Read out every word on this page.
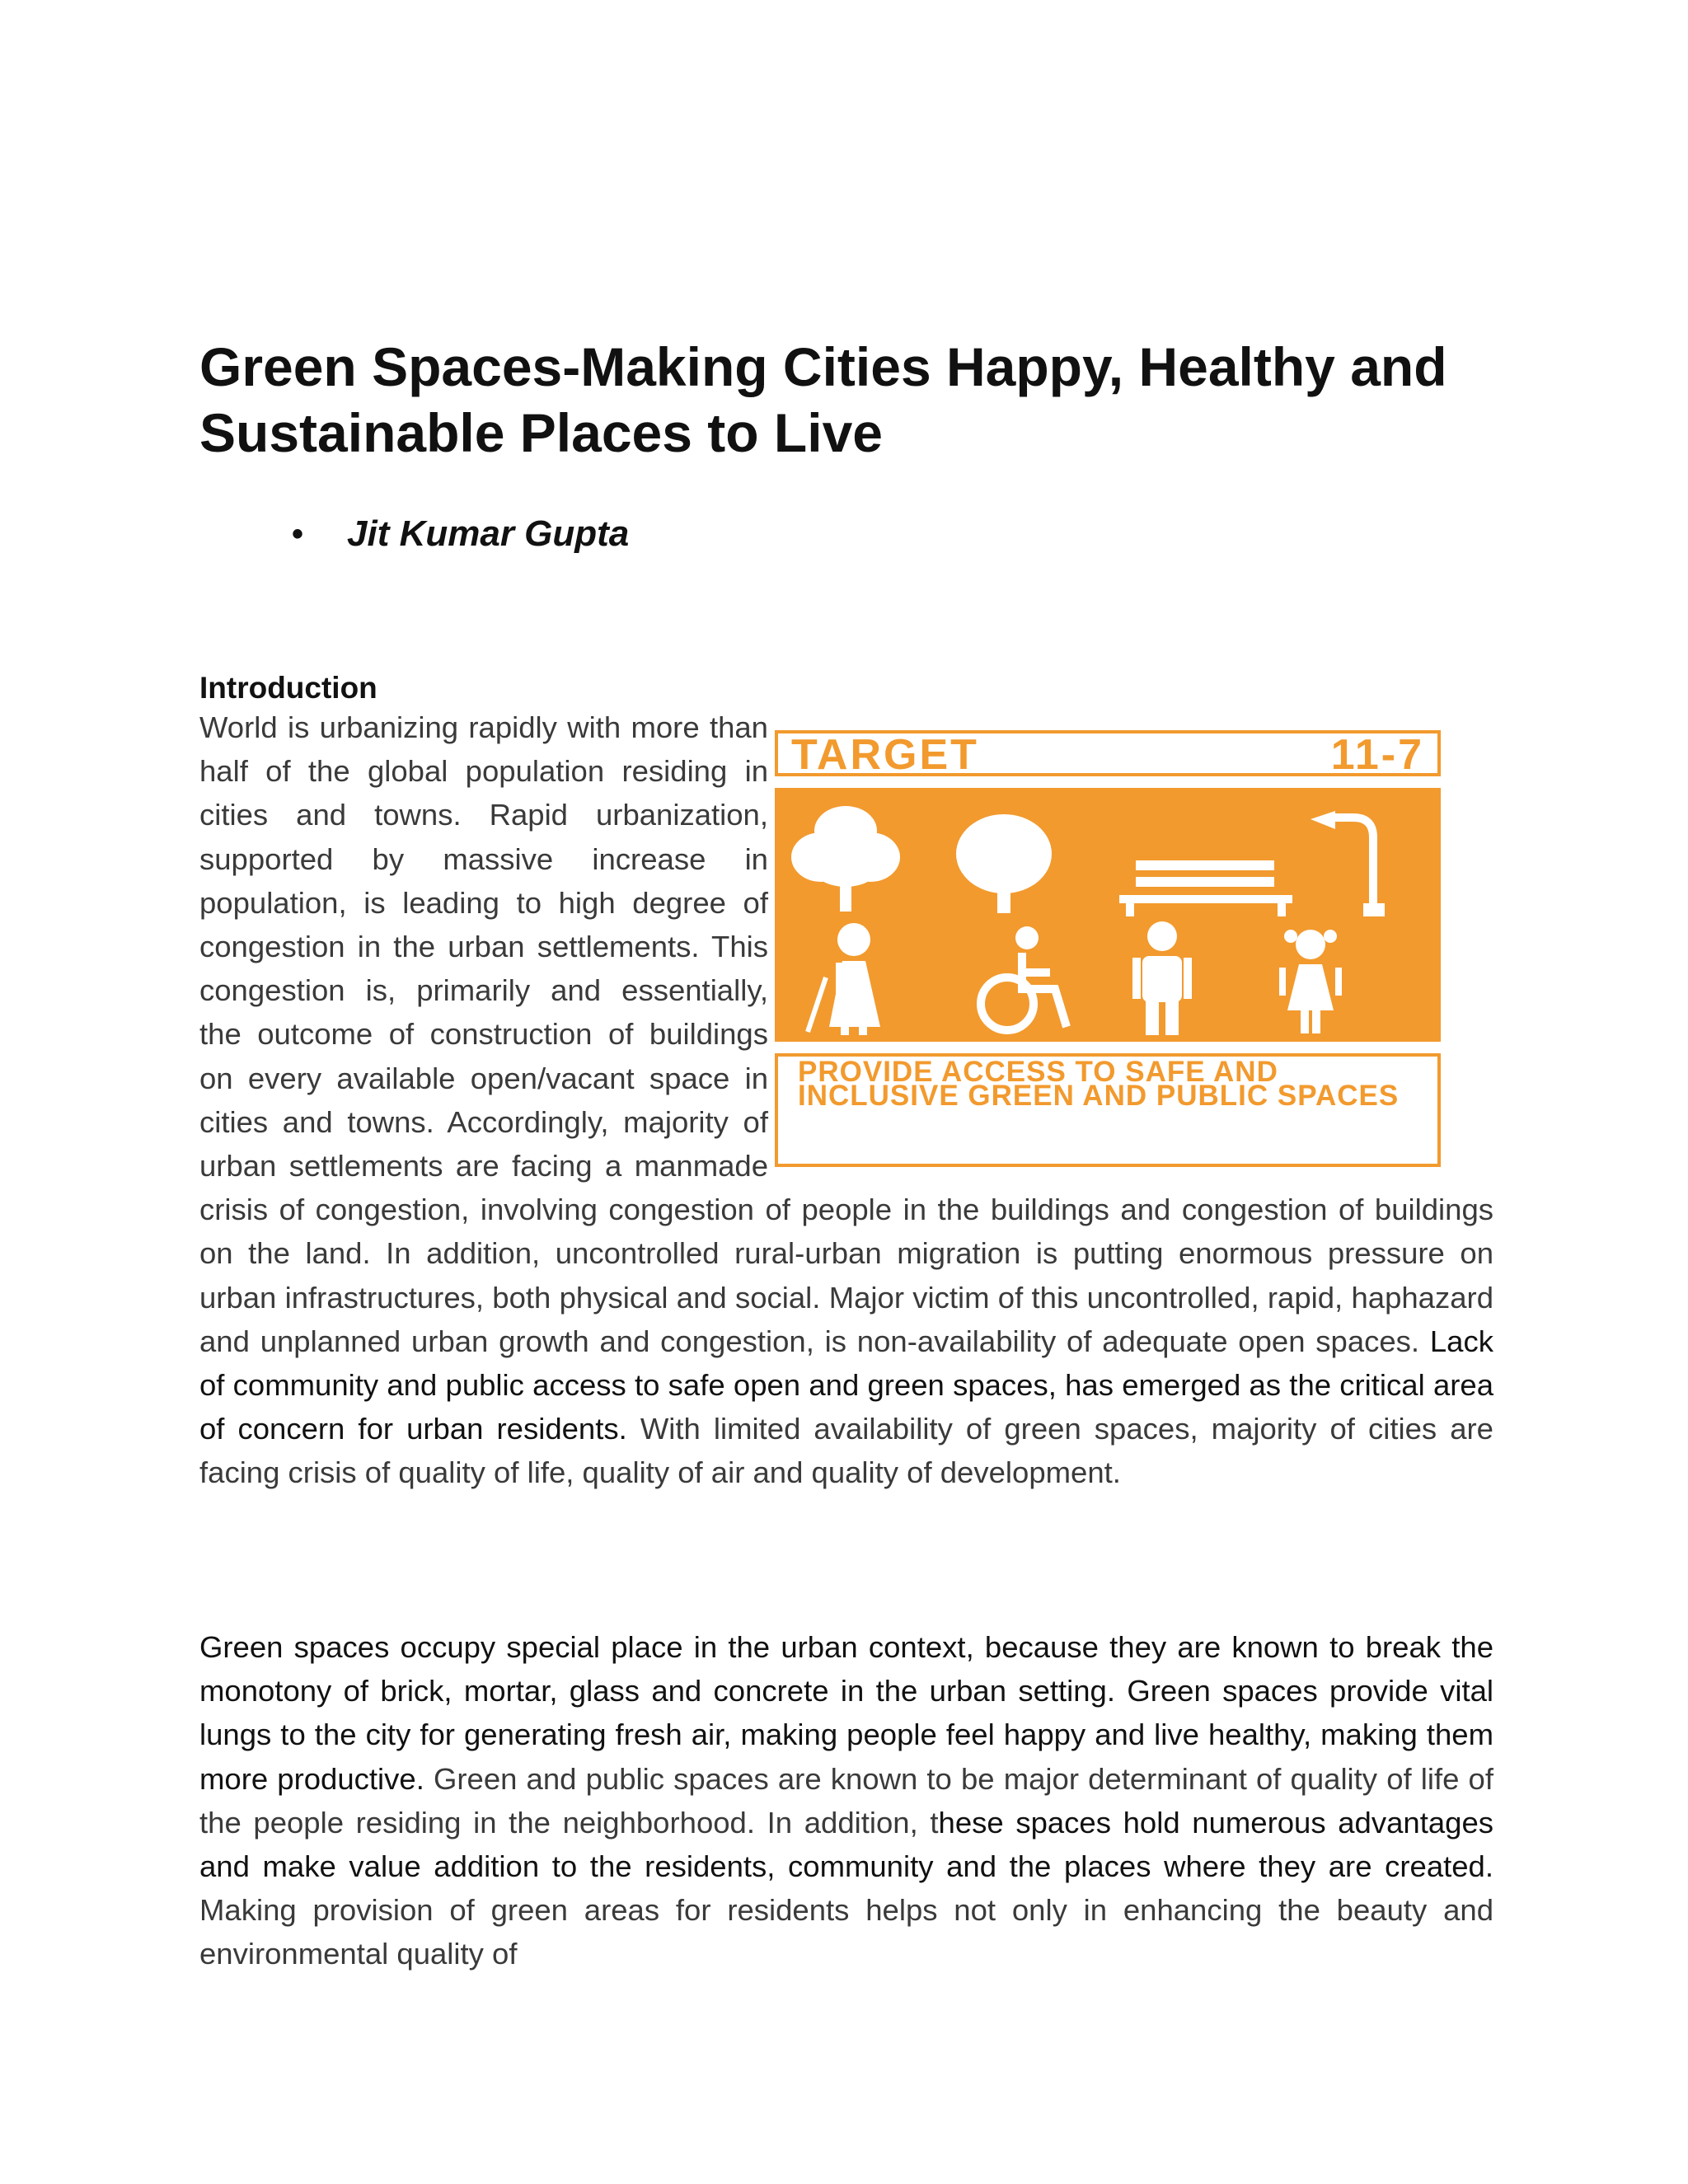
Green Spaces-Making Cities Happy, Healthy and Sustainable Places to Live
• Jit Kumar Gupta
Introduction
TARGET	11-7
PROVIDE ACCESS TO SAFE AND INCLUSIVE GREEN AND PUBLIC SPACES
World is urbanizing rapidly with more than half of the global population residing in cities and towns. Rapid urbanization, supported by massive increase in population, is leading to high degree of congestion in the urban settlements. This congestion is, primarily and essentially, the outcome of construction of buildings on every available open/vacant space in cities and towns. Accordingly, majority of urban settlements are facing a manmade crisis of congestion, involving congestion of people in the buildings and congestion of buildings on the land. In addition, uncontrolled rural-urban migration is putting enormous pressure on urban infrastructures, both physical and social. Major victim of this uncontrolled, rapid, haphazard and unplanned urban growth and congestion, is non-availability of adequate open spaces. Lack of community and public access to safe open and green spaces, has emerged as the critical area of concern for urban residents. With limited availability of green spaces, majority of cities are facing crisis of quality of life, quality of air and quality of development.
Green spaces occupy special place in the urban context, because they are known to break the monotony of brick, mortar, glass and concrete in the urban setting. Green spaces provide vital lungs to the city for generating fresh air, making people feel happy and live healthy, making them more productive. Green and public spaces are known to be major determinant of quality of life of the people residing in the neighborhood. In addition, these spaces hold numerous advantages and make value addition to the residents, community and the places where they are created. Making provision of green areas for residents helps not only in enhancing the beauty and environmental quality of
